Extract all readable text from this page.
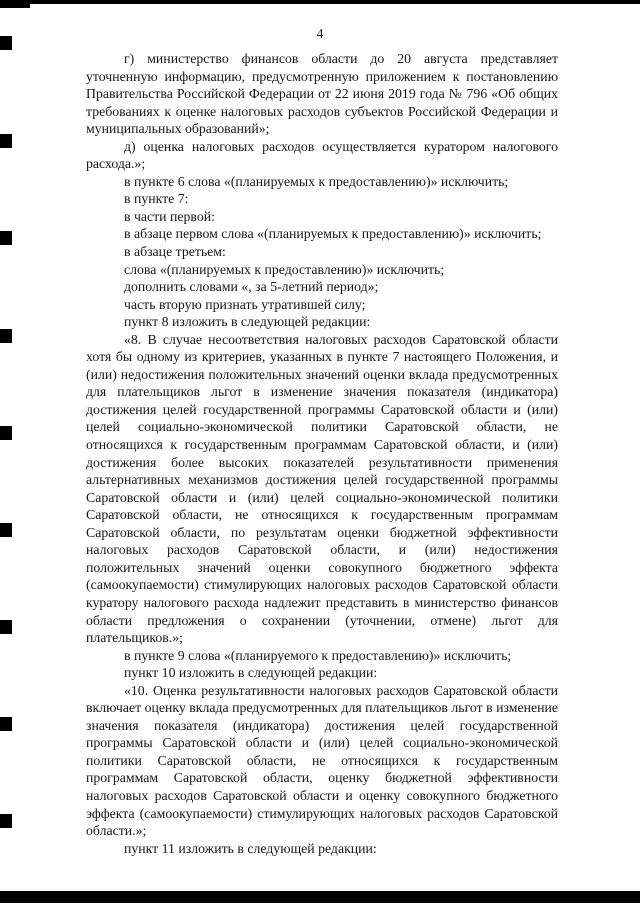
4

г) министерство финансов области до 20 августа представляет уточненную информацию, предусмотренную приложением к постановлению Правительства Российской Федерации от 22 июня 2019 года № 796 «Об общих требованиях к оценке налоговых расходов субъектов Российской Федерации и муниципальных образований»;

д) оценка налоговых расходов осуществляется куратором налогового расхода.»;

в пункте 6 слова «(планируемых к предоставлению)» исключить;

в пункте 7:

в части первой:

в абзаце первом слова «(планируемых к предоставлению)» исключить;

в абзаце третьем:

слова «(планируемых к предоставлению)» исключить;

дополнить словами «, за 5-летний период»;

часть вторую признать утратившей силу;

пункт 8 изложить в следующей редакции:

«8. В случае несоответствия налоговых расходов Саратовской области хотя бы одному из критериев, указанных в пункте 7 настоящего Положения, и (или) недостижения положительных значений оценки вклада предусмотренных для плательщиков льгот в изменение значения показателя (индикатора) достижения целей государственной программы Саратовской области и (или) целей социально-экономической политики Саратовской области, не относящихся к государственным программам Саратовской области, и (или) достижения более высоких показателей результативности применения альтернативных механизмов достижения целей государственной программы Саратовской области и (или) целей социально-экономической политики Саратовской области, не относящихся к государственным программам Саратовской области, по результатам оценки бюджетной эффективности налоговых расходов Саратовской области, и (или) недостижения положительных значений оценки совокупного бюджетного эффекта (самоокупаемости) стимулирующих налоговых расходов Саратовской области куратору налогового расхода надлежит представить в министерство финансов области предложения о сохранении (уточнении, отмене) льгот для плательщиков.»;

в пункте 9 слова «(планируемого к предоставлению)» исключить;

пункт 10 изложить в следующей редакции:

«10. Оценка результативности налоговых расходов Саратовской области включает оценку вклада предусмотренных для плательщиков льгот в изменение значения показателя (индикатора) достижения целей государственной программы Саратовской области и (или) целей социально-экономической политики Саратовской области, не относящихся к государственным программам Саратовской области, оценку бюджетной эффективности налоговых расходов Саратовской области и оценку совокупного бюджетного эффекта (самоокупаемости) стимулирующих налоговых расходов Саратовской области.»;

пункт 11 изложить в следующей редакции:
